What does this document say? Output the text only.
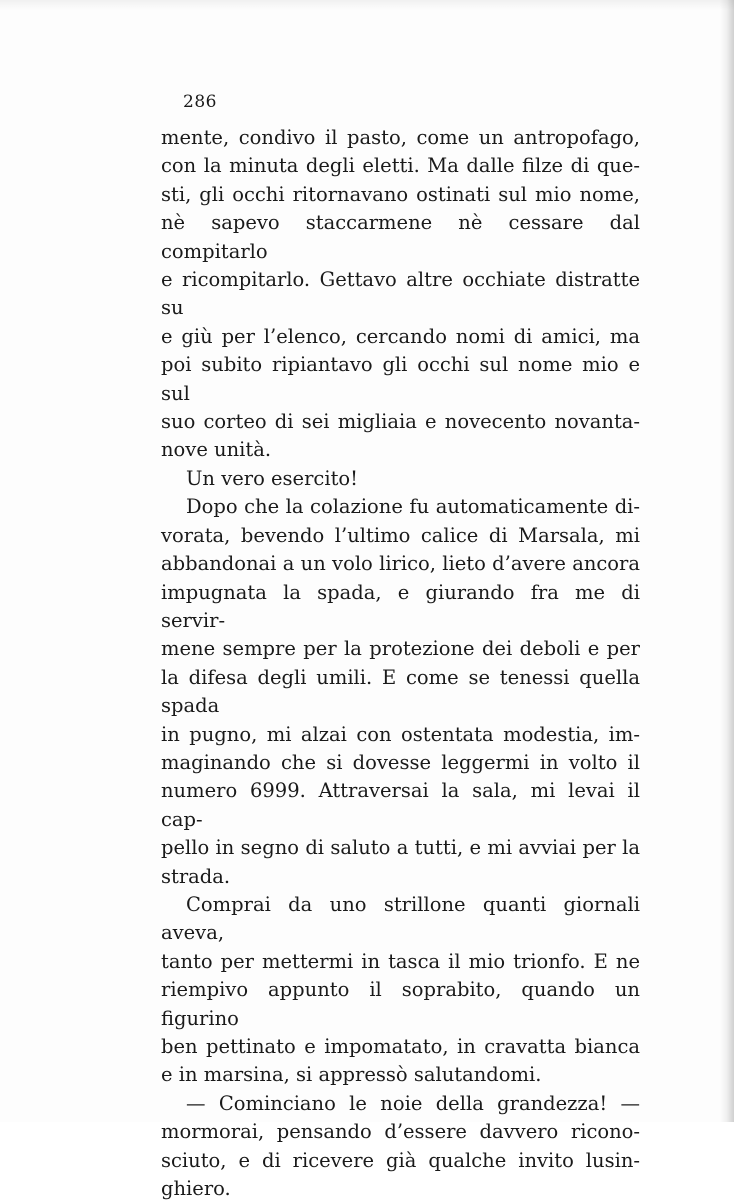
286

mente, condivo il pasto, come un antropofago,

con la minuta degli eletti. Ma dalle filze di que-

sti, gli occhi ritornavano ostinati sul mio nome,

nè sapevo staccarmene nè cessare dal compitarlo

e ricompitarlo. Gettavo altre occhiate distratte su

e giù per l’elenco, cercando nomi di amici, ma

poi subito ripiantavo gli occhi sul nome mio e sul

suo corteo di sei migliaia e novecento novanta-

nove unità.

Un vero esercito!

Dopo che la colazione fu automaticamente di-

vorata, bevendo l’ultimo calice di Marsala, mi

abbandonai a un volo lirico, lieto d’avere ancora

impugnata la spada, e giurando fra me di servir-

mene sempre per la protezione dei deboli e per

la difesa degli umili. E come se tenessi quella spada

in pugno, mi alzai con ostentata modestia, im-

maginando che si dovesse leggermi in volto il

numero 6999. Attraversai la sala, mi levai il cap-

pello in segno di saluto a tutti, e mi avviai per la

strada.

Comprai da uno strillone quanti giornali aveva,

tanto per mettermi in tasca il mio trionfo. E ne

riempivo appunto il soprabito, quando un figurino

ben pettinato e impomatato, in cravatta bianca

e in marsina, si appressò salutandomi.

— Cominciano le noie della grandezza! —

mormorai, pensando d’essere davvero ricono-

sciuto, e di ricevere già qualche invito lusin-

ghiero.
